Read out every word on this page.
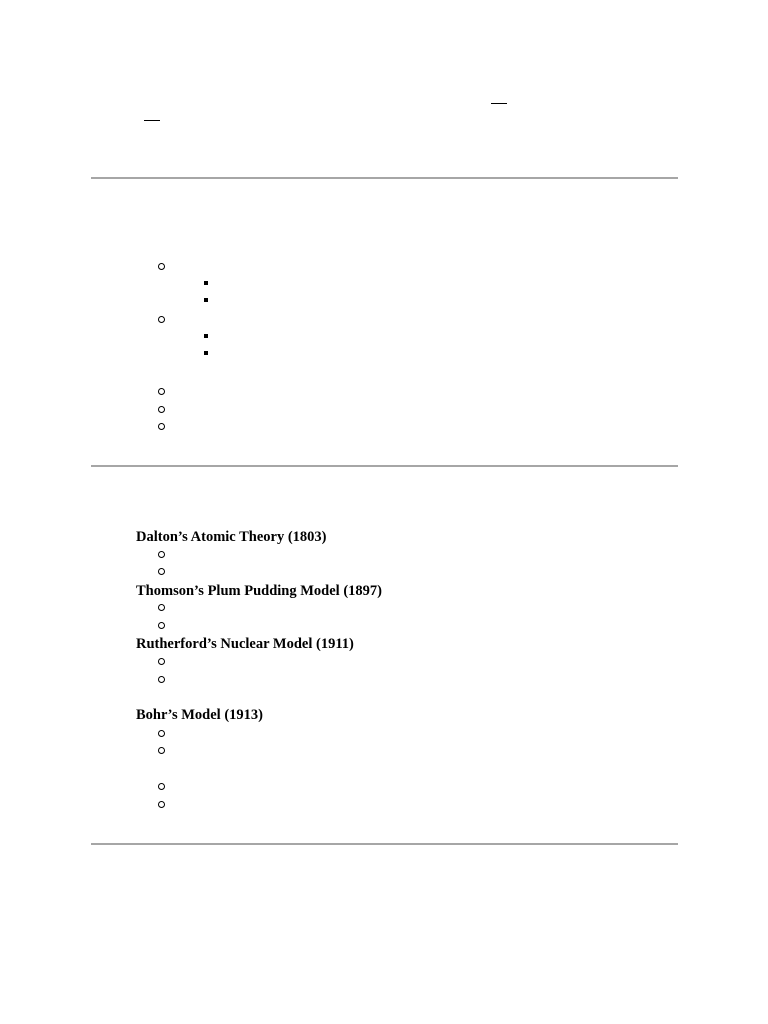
Dalton’s Atomic Theory (1803)
Thomson’s Plum Pudding Model (1897)
Rutherford’s Nuclear Model (1911)
Bohr’s Model (1913)
